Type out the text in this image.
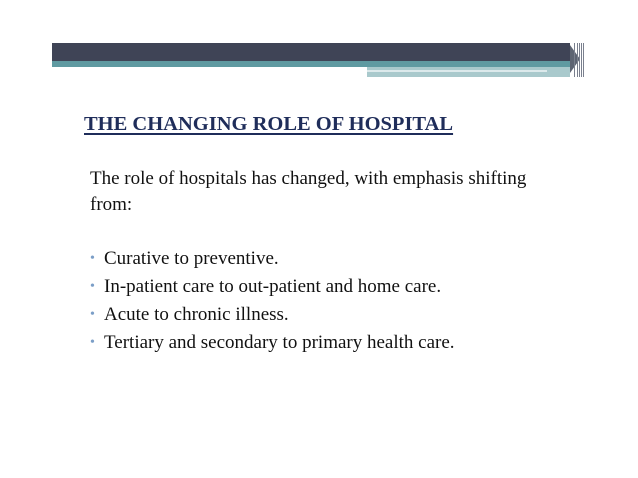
THE CHANGING ROLE OF HOSPITAL

The role of hospitals has changed, with emphasis shifting from:

• Curative to preventive.
• In-patient care to out-patient and home care.
• Acute to chronic illness.
• Tertiary and secondary to primary health care.
